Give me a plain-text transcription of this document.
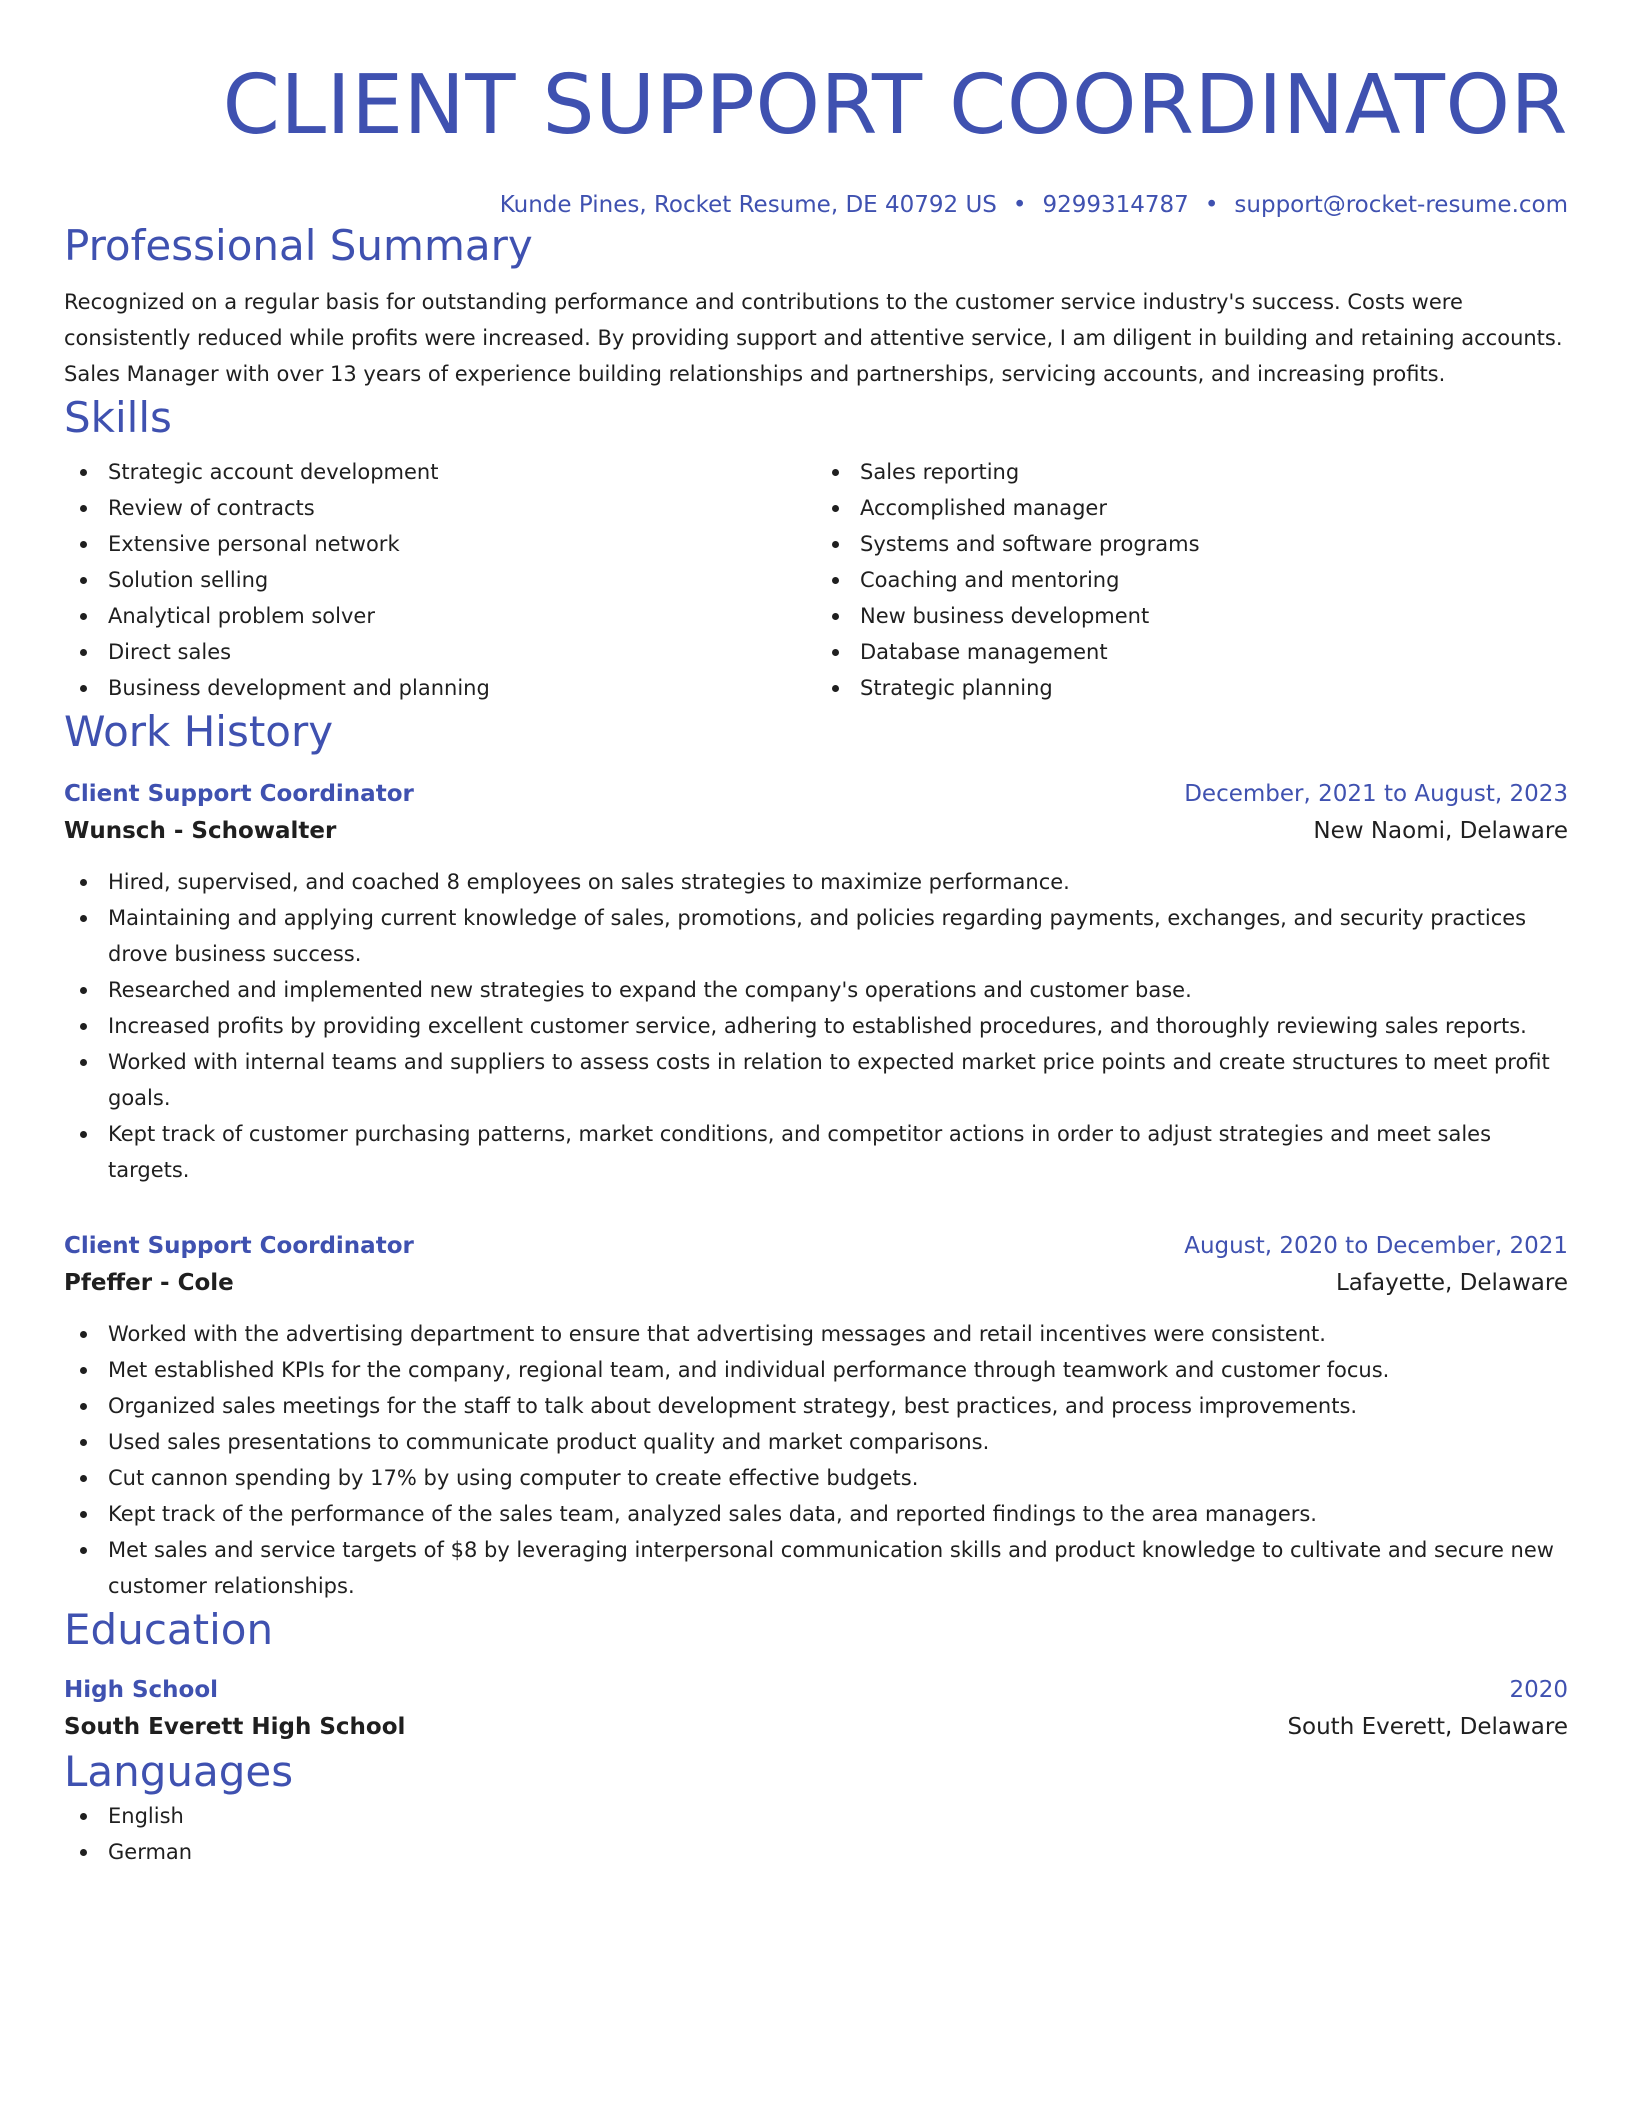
CLIENT SUPPORT COORDINATOR
Kunde Pines, Rocket Resume, DE 40792 US • 9299314787 • support@rocket-resume.com
Professional Summary
Recognized on a regular basis for outstanding performance and contributions to the customer service industry's success. Costs were consistently reduced while profits were increased. By providing support and attentive service, I am diligent in building and retaining accounts. Sales Manager with over 13 years of experience building relationships and partnerships, servicing accounts, and increasing profits.
Skills
Strategic account development
Review of contracts
Extensive personal network
Solution selling
Analytical problem solver
Direct sales
Business development and planning
Sales reporting
Accomplished manager
Systems and software programs
Coaching and mentoring
New business development
Database management
Strategic planning
Work History
Client Support Coordinator	December, 2021 to August, 2023
Wunsch - Schowalter	New Naomi, Delaware
Hired, supervised, and coached 8 employees on sales strategies to maximize performance.
Maintaining and applying current knowledge of sales, promotions, and policies regarding payments, exchanges, and security practices drove business success.
Researched and implemented new strategies to expand the company's operations and customer base.
Increased profits by providing excellent customer service, adhering to established procedures, and thoroughly reviewing sales reports.
Worked with internal teams and suppliers to assess costs in relation to expected market price points and create structures to meet profit goals.
Kept track of customer purchasing patterns, market conditions, and competitor actions in order to adjust strategies and meet sales targets.
Client Support Coordinator	August, 2020 to December, 2021
Pfeffer - Cole	Lafayette, Delaware
Worked with the advertising department to ensure that advertising messages and retail incentives were consistent.
Met established KPIs for the company, regional team, and individual performance through teamwork and customer focus.
Organized sales meetings for the staff to talk about development strategy, best practices, and process improvements.
Used sales presentations to communicate product quality and market comparisons.
Cut cannon spending by 17% by using computer to create effective budgets.
Kept track of the performance of the sales team, analyzed sales data, and reported findings to the area managers.
Met sales and service targets of $8 by leveraging interpersonal communication skills and product knowledge to cultivate and secure new customer relationships.
Education
High School	2020
South Everett High School	South Everett, Delaware
Languages
English
German
